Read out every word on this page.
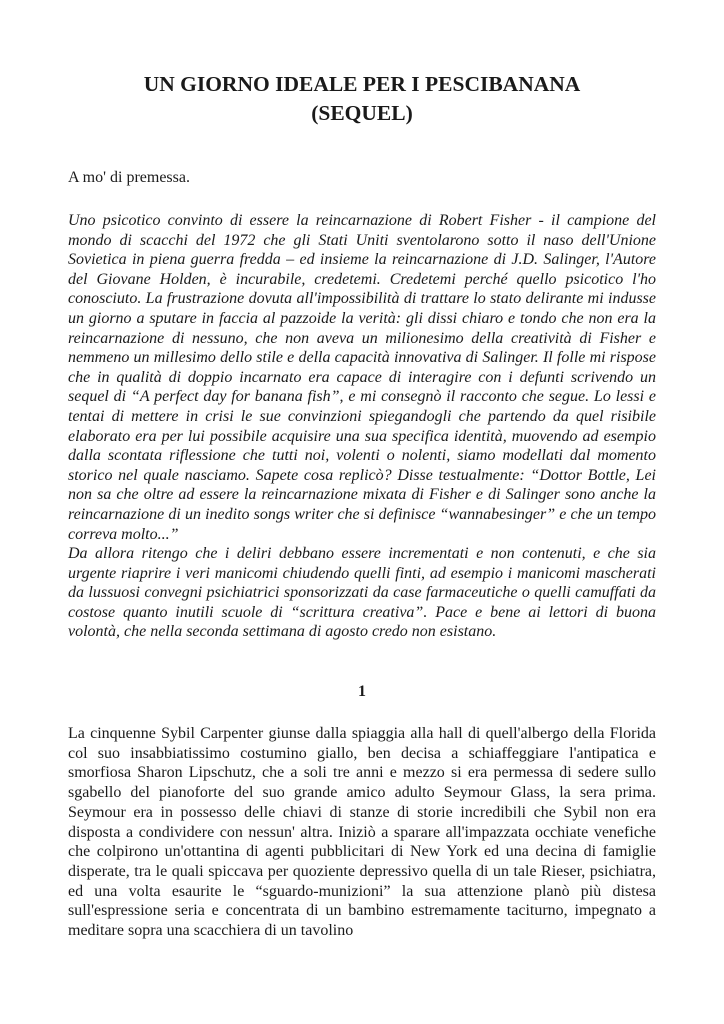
UN GIORNO IDEALE PER I PESCIBANANA
(SEQUEL)

A mo' di premessa.

Uno psicotico convinto di essere la reincarnazione di Robert Fisher - il campione del mondo di scacchi del 1972 che gli Stati Uniti sventolarono sotto il naso dell'Unione Sovietica in piena guerra fredda – ed insieme la reincarnazione di J.D. Salinger, l'Autore del Giovane Holden, è incurabile, credetemi. Credetemi perché quello psicotico l'ho conosciuto. La frustrazione dovuta all'impossibilità di trattare lo stato delirante mi indusse un giorno a sputare in faccia al pazzoide la verità: gli dissi chiaro e tondo che non era la reincarnazione di nessuno, che non aveva un milionesimo della creatività di Fisher e nemmeno un millesimo dello stile e della capacità innovativa di Salinger. Il folle mi rispose che in qualità di doppio incarnato era capace di interagire con i defunti scrivendo un sequel di “A perfect day for banana fish”, e mi consegnò il racconto che segue. Lo lessi e tentai di mettere in crisi le sue convinzioni spiegandogli che partendo da quel risibile elaborato era per lui possibile acquisire una sua specifica identità, muovendo ad esempio dalla scontata riflessione che tutti noi, volenti o nolenti, siamo modellati dal momento storico nel quale nasciamo. Sapete cosa replicò? Disse testualmente: “Dottor Bottle, Lei non sa che oltre ad essere la reincarnazione mixata di Fisher e di Salinger sono anche la reincarnazione di un inedito songs writer che si definisce “wannabesinger” e che un tempo correva molto...”

Da allora ritengo che i deliri debbano essere incrementati e non contenuti, e che sia urgente riaprire i veri manicomi chiudendo quelli finti, ad esempio i manicomi mascherati da lussuosi convegni psichiatrici sponsorizzati da case farmaceutiche o quelli camuffati da costose quanto inutili scuole di “scrittura creativa”. Pace e bene ai lettori di buona volontà, che nella seconda settimana di agosto credo non esistano.

1

La cinquenne Sybil Carpenter giunse dalla spiaggia alla hall di quell'albergo della Florida col suo insabbiatissimo costumino giallo, ben decisa a schiaffeggiare l'antipatica e smorfiosa Sharon Lipschutz, che a soli tre anni e mezzo si era permessa di sedere sullo sgabello del pianoforte del suo grande amico adulto Seymour Glass, la sera prima. Seymour era in possesso delle chiavi di stanze di storie incredibili che Sybil non era disposta a condividere con nessun' altra. Iniziò a sparare all'impazzata occhiate venefiche che colpirono un'ottantina di agenti pubblicitari di New York ed una decina di famiglie disperate, tra le quali spiccava per quoziente depressivo quella di un tale Rieser, psichiatra, ed una volta esaurite le “sguardo-munizioni” la sua attenzione planò più distesa sull'espressione seria e concentrata di un bambino estremamente taciturno, impegnato a meditare sopra una scacchiera di un tavolino
